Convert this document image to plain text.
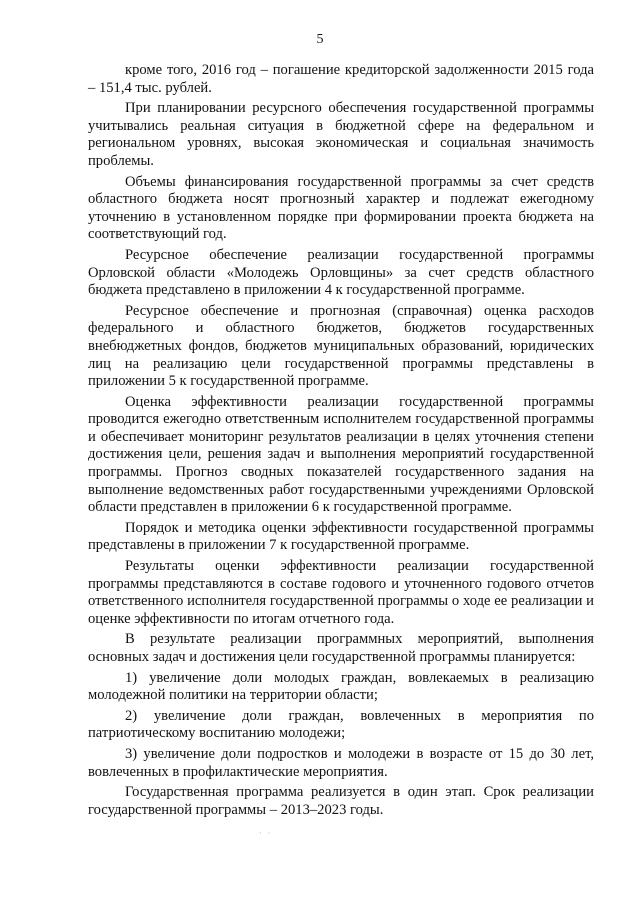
5

кроме того, 2016 год – погашение кредиторской задолженности 2015 года – 151,4 тыс. рублей.

При планировании ресурсного обеспечения государственной программы учитывались реальная ситуация в бюджетной сфере на федеральном и региональном уровнях, высокая экономическая и социальная значимость проблемы.

Объемы финансирования государственной программы за счет средств областного бюджета носят прогнозный характер и подлежат ежегодному уточнению в установленном порядке при формировании проекта бюджета на соответствующий год.

Ресурсное обеспечение реализации государственной программы Орловской области «Молодежь Орловщины» за счет средств областного бюджета представлено в приложении 4 к государственной программе.

Ресурсное обеспечение и прогнозная (справочная) оценка расходов федерального и областного бюджетов, бюджетов государственных внебюджетных фондов, бюджетов муниципальных образований, юридических лиц на реализацию цели государственной программы представлены в приложении 5 к государственной программе.

Оценка эффективности реализации государственной программы проводится ежегодно ответственным исполнителем государственной программы и обеспечивает мониторинг результатов реализации в целях уточнения степени достижения цели, решения задач и выполнения мероприятий государственной программы. Прогноз сводных показателей государственного задания на выполнение ведомственных работ государственными учреждениями Орловской области представлен в приложении 6 к государственной программе.

Порядок и методика оценки эффективности государственной программы представлены в приложении 7 к государственной программе.

Результаты оценки эффективности реализации государственной программы представляются в составе годового и уточненного годового отчетов ответственного исполнителя государственной программы о ходе ее реализации и оценке эффективности по итогам отчетного года.

В результате реализации программных мероприятий, выполнения основных задач и достижения цели государственной программы планируется:

1) увеличение доли молодых граждан, вовлекаемых в реализацию молодежной политики на территории области;

2) увеличение доли граждан, вовлеченных в мероприятия по патриотическому воспитанию молодежи;

3) увеличение доли подростков и молодежи в возрасте от 15 до 30 лет, вовлеченных в профилактические мероприятия.

Государственная программа реализуется в один этап. Срок реализации государственной программы – 2013–2023 годы.

· ·
